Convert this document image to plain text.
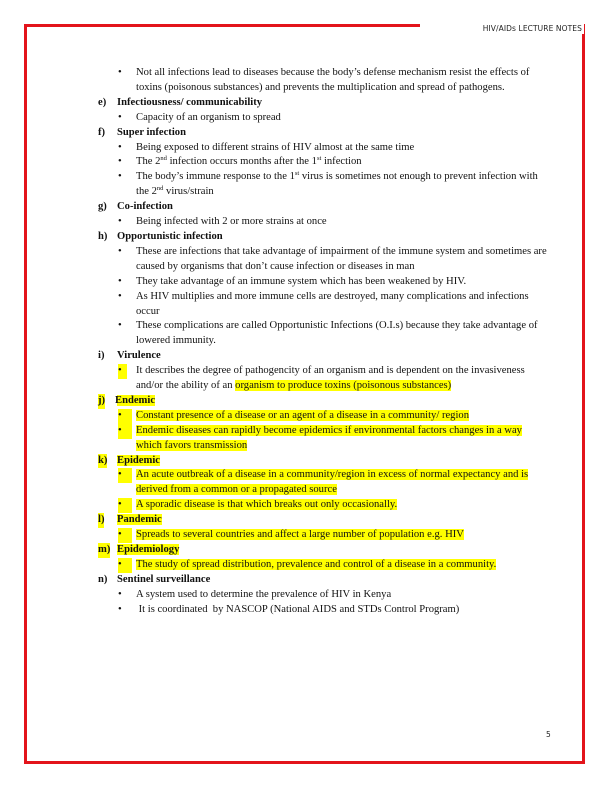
HIV/AIDs LECTURE NOTES
• Not all infections lead to diseases because the body’s defense mechanism resist the effects of toxins (poisonous substances) and prevents the multiplication and spread of pathogens.
e) Infectiousness/ communicability
• Capacity of an organism to spread
f) Super infection
• Being exposed to different strains of HIV almost at the same time
• The 2nd infection occurs months after the 1st infection
• The body’s immune response to the 1st virus is sometimes not enough to prevent infection with the 2nd virus/strain
g) Co-infection
• Being infected with 2 or more strains at once
h) Opportunistic infection
• These are infections that take advantage of impairment of the immune system and sometimes are caused by organisms that don’t cause infection or diseases in man
• They take advantage of an immune system which has been weakened by HIV.
• As HIV multiplies and more immune cells are destroyed, many complications and infections occur
• These complications are called Opportunistic Infections (O.I.s) because they take advantage of lowered immunity.
i) Virulence
• It describes the degree of pathogencity of an organism and is dependent on the invasiveness and/or the ability of an organism to produce toxins (poisonous substances)
j) Endemic
• Constant presence of a disease or an agent of a disease in a community/ region
• Endemic diseases can rapidly become epidemics if environmental factors changes in a way which favors transmission
k) Epidemic
• An acute outbreak of a disease in a community/region in excess of normal expectancy and is derived from a common or a propagated source
• A sporadic disease is that which breaks out only occasionally.
l) Pandemic
• Spreads to several countries and affect a large number of population e.g. HIV
m) Epidemiology
• The study of spread distribution, prevalence and control of a disease in a community.
n) Sentinel surveillance
• A system used to determine the prevalence of HIV in Kenya
• It is coordinated  by NASCOP (National AIDS and STDs Control Program)
5
